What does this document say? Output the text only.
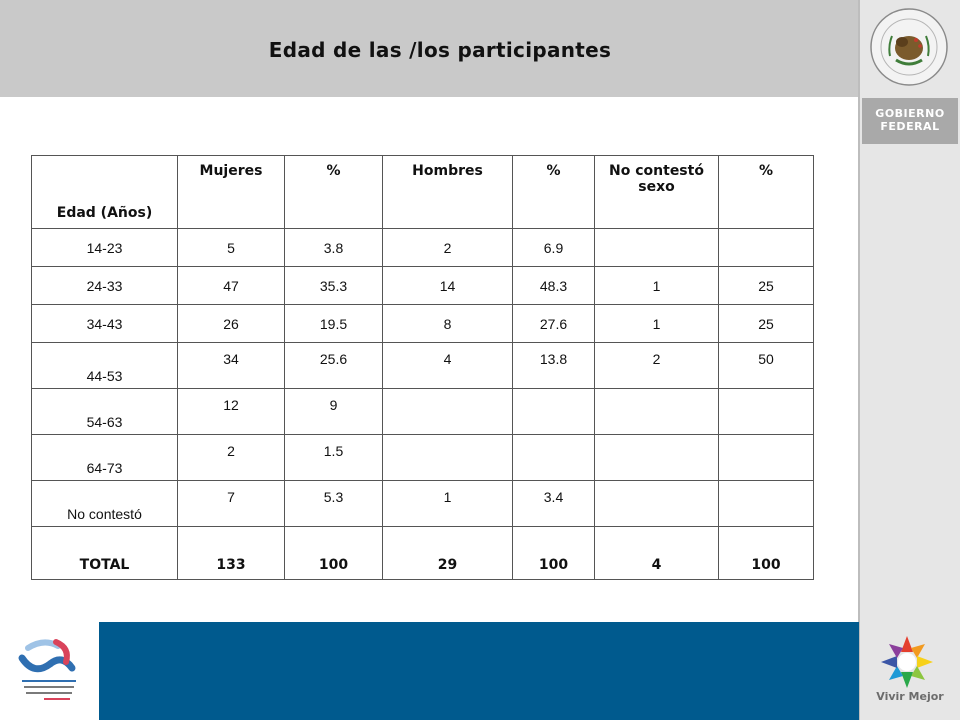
Edad de las /los participantes
GOBIERNO
FEDERAL
Vivir Mejor
Edad (Años)	Mujeres	%	Hombres	%	No contestó sexo	%
14-23	5	3.8	2	6.9		
24-33	47	35.3	14	48.3	1	25
34-43	26	19.5	8	27.6	1	25
44-53	34	25.6	4	13.8	2	50
54-63	12	9				
64-73	2	1.5				
No contestó	7	5.3	1	3.4		
TOTAL	133	100	29	100	4	100
